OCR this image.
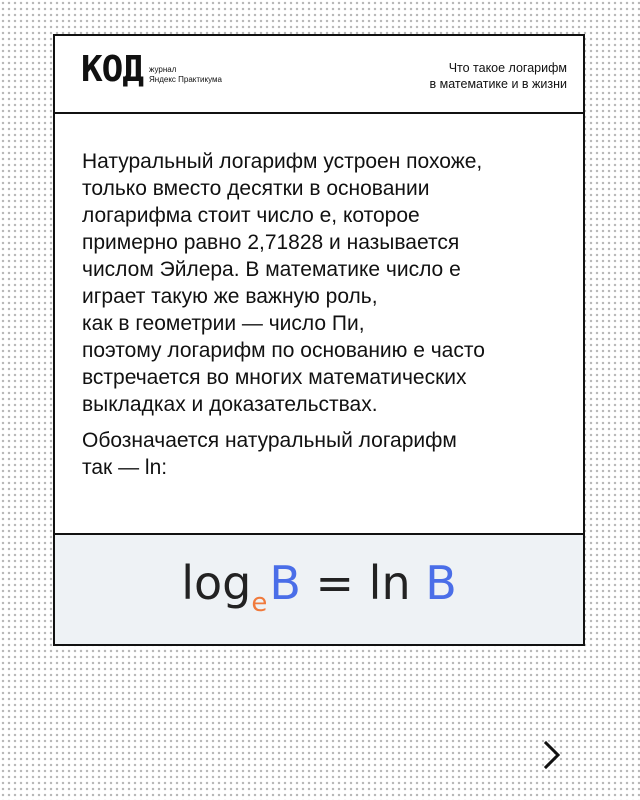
КОД журнал
Яндекс Практикума
Что такое логарифм
в математике и в жизни
Натуральный логарифм устроен похоже,
только вместо десятки в основании
логарифма стоит число е, которое
примерно равно 2,71828 и называется
числом Эйлера. В математике число е
играет такую же важную роль,
как в геометрии — число Пи,
поэтому логарифм по основанию е часто
встречается во многих математических
выкладках и доказательствах.
Обозначается натуральный логарифм
так — ln:
$\log_eB = \ln B$
